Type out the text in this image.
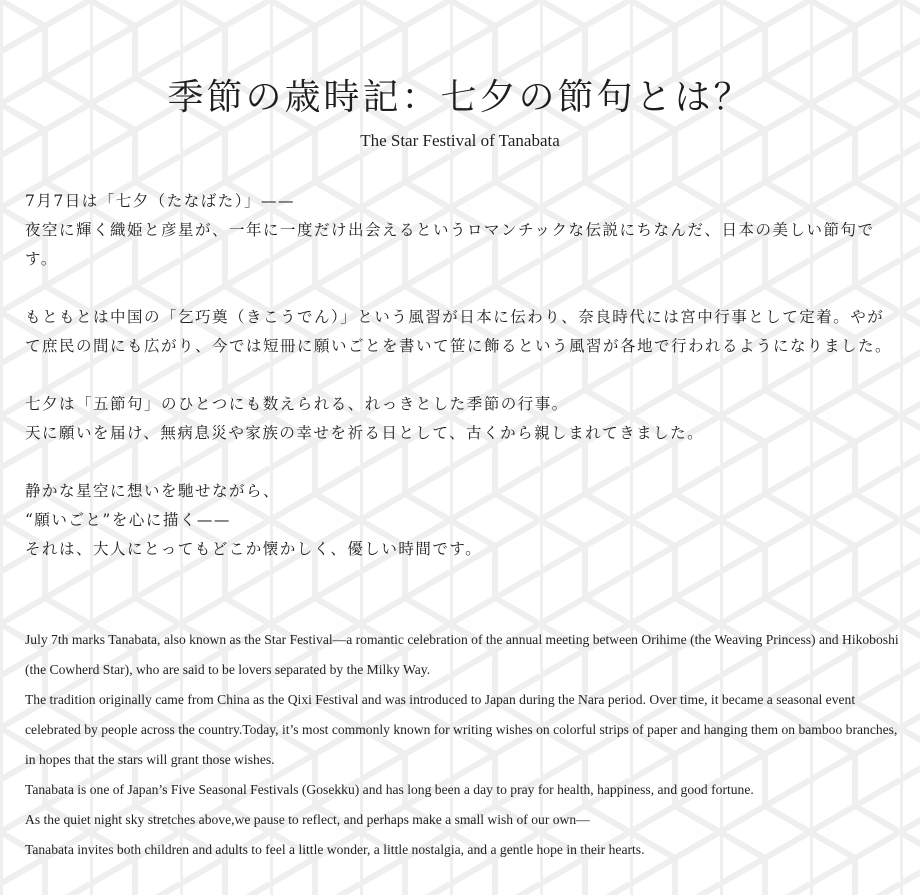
季節の歳時記：七夕の節句とは？
The Star Festival of Tanabata

7月7日は「七夕（たなばた）」——
夜空に輝く織姫と彦星が、一年に一度だけ出会えるというロマンチックな伝説にちなんだ、日本の美しい節句です。

もともとは中国の「乞巧奠（きこうでん）」という風習が日本に伝わり、奈良時代には宮中行事として定着。やがて庶民の間にも広がり、今では短冊に願いごとを書いて笹に飾るという風習が各地で行われるようになりました。

七夕は「五節句」のひとつにも数えられる、れっきとした季節の行事。
天に願いを届け、無病息災や家族の幸せを祈る日として、古くから親しまれてきました。

静かな星空に想いを馳せながら、
“願いごと”を心に描く——
それは、大人にとってもどこか懐かしく、優しい時間です。

July 7th marks Tanabata, also known as the Star Festival—a romantic celebration of the annual meeting between Orihime (the Weaving Princess) and Hikoboshi (the Cowherd Star), who are said to be lovers separated by the Milky Way.

The tradition originally came from China as the Qixi Festival and was introduced to Japan during the Nara period. Over time, it became a seasonal event celebrated by people across the country.Today, it’s most commonly known for writing wishes on colorful strips of paper and hanging them on bamboo branches, in hopes that the stars will grant those wishes.

Tanabata is one of Japan’s Five Seasonal Festivals (Gosekku) and has long been a day to pray for health, happiness, and good fortune.

As the quiet night sky stretches above,we pause to reflect, and perhaps make a small wish of our own—

Tanabata invites both children and adults to feel a little wonder, a little nostalgia, and a gentle hope in their hearts.
